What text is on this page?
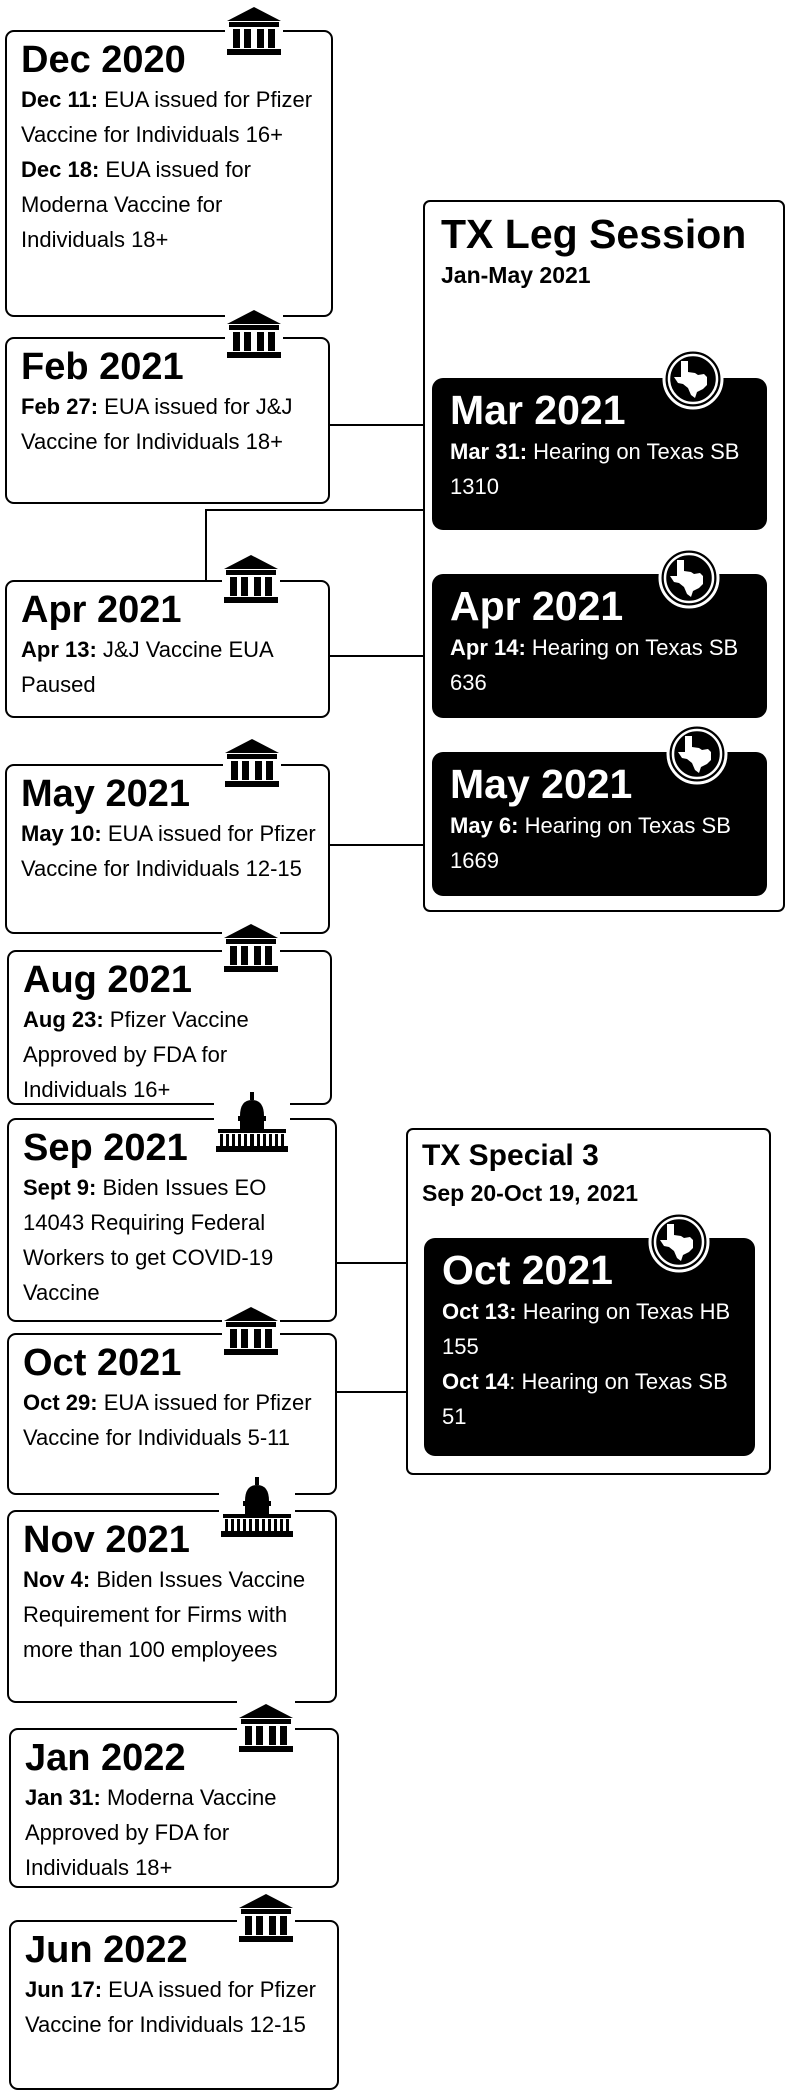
TX Leg Session
Jan-May 2021
TX Special 3
Sep 20-Oct 19, 2021
Mar 2021
Mar 31: Hearing on Texas SB 1310
Apr 2021
Apr 14: Hearing on Texas SB 636
May 2021
May 6: Hearing on Texas SB 1669
Oct 2021
Oct 13: Hearing on Texas HB 155
Oct 14: Hearing on Texas SB 51
Dec 2020
Dec 11: EUA issued for Pfizer Vaccine for Individuals 16+
Dec 18: EUA issued for Moderna Vaccine for Individuals 18+
Feb 2021
Feb 27: EUA issued for J&J Vaccine for Individuals 18+
Apr 2021
Apr 13: J&J Vaccine EUA Paused
May 2021
May 10: EUA issued for Pfizer Vaccine for Individuals 12-15
Aug 2021
Aug 23: Pfizer Vaccine Approved by FDA for Individuals 16+
Sep 2021
Sept 9: Biden Issues EO 14043 Requiring Federal Workers to get COVID-19 Vaccine
Oct 2021
Oct 29: EUA issued for Pfizer Vaccine for Individuals 5-11
Nov 2021
Nov 4: Biden Issues Vaccine Requirement for Firms with more than 100 employees
Jan 2022
Jan 31: Moderna Vaccine Approved by FDA for Individuals 18+
Jun 2022
Jun 17: EUA issued for Pfizer Vaccine for Individuals 12-15
